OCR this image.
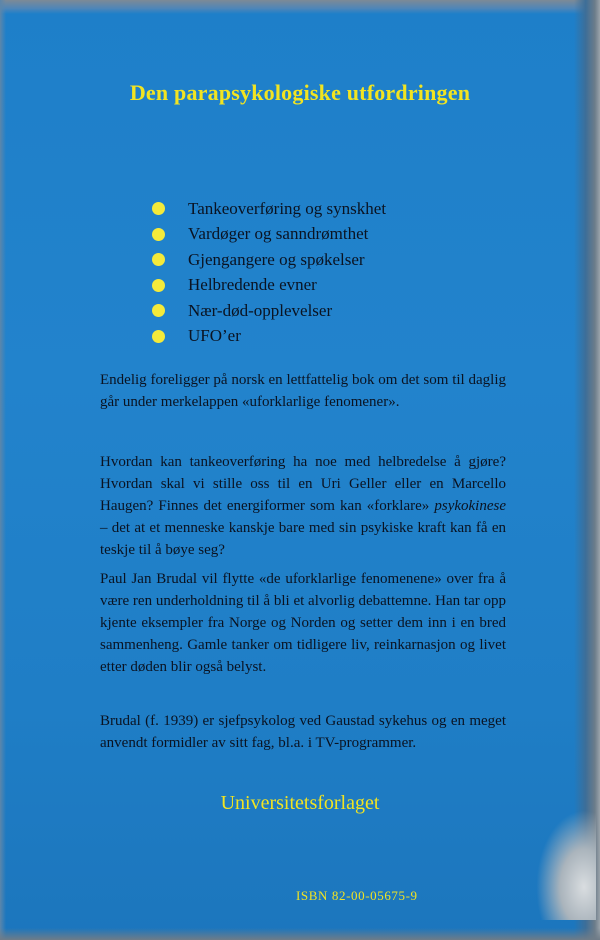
Den parapsykologiske utfordringen
Tankeoverføring og synskhet
Vardøger og sanndrømthet
Gjengangere og spøkelser
Helbredende evner
Nær-død-opplevelser
UFO’er

Endelig foreligger på norsk en lettfattelig bok om det som til daglig går under merkelappen «uforklarlige fenomener».

Hvordan kan tankeoverføring ha noe med helbredelse å gjøre? Hvordan skal vi stille oss til en Uri Geller eller en Marcello Haugen? Finnes det energiformer som kan «forklare» psykokinese – det at et menneske kanskje bare med sin psykiske kraft kan få en teskje til å bøye seg?

Paul Jan Brudal vil flytte «de uforklarlige fenomenene» over fra å være ren underholdning til å bli et alvorlig debattemne. Han tar opp kjente eksempler fra Norge og Norden og setter dem inn i en bred sammenheng. Gamle tanker om tidligere liv, reinkarnasjon og livet etter døden blir også belyst.

Brudal (f. 1939) er sjefpsykolog ved Gaustad sykehus og en meget anvendt formidler av sitt fag, bl.a. i TV-programmer.

Universitetsforlaget
ISBN 82-00-05675-9
